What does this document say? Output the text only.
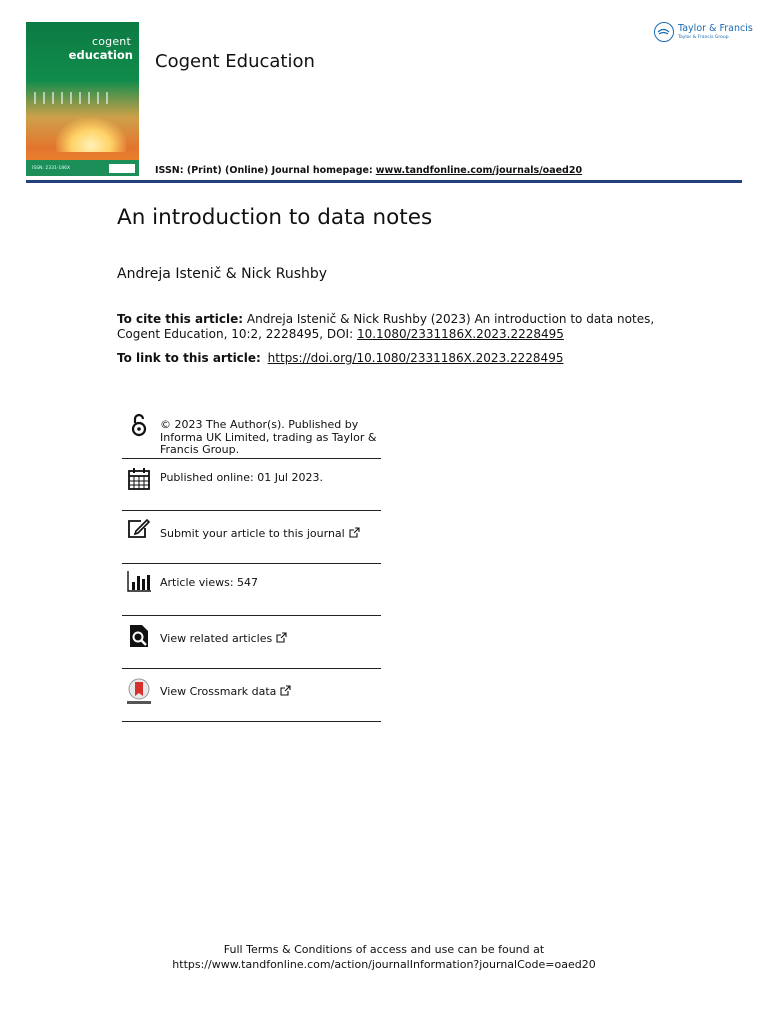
cogent
education
ISSN: 2331-186X
Cogent Education
Taylor & Francis
Taylor & Francis Group
ISSN: (Print) (Online) Journal homepage: www.tandfonline.com/journals/oaed20
An introduction to data notes
Andreja Istenič & Nick Rushby
To cite this article: Andreja Istenič & Nick Rushby (2023) An introduction to data notes, Cogent Education, 10:2, 2228495, DOI: 10.1080/2331186X.2023.2228495
To link to this article: https://doi.org/10.1080/2331186X.2023.2228495
© 2023 The Author(s). Published by Informa UK Limited, trading as Taylor & Francis Group.
Published online: 01 Jul 2023.
Submit your article to this journal
Article views: 547
View related articles
View Crossmark data
Full Terms & Conditions of access and use can be found at
https://www.tandfonline.com/action/journalInformation?journalCode=oaed20
